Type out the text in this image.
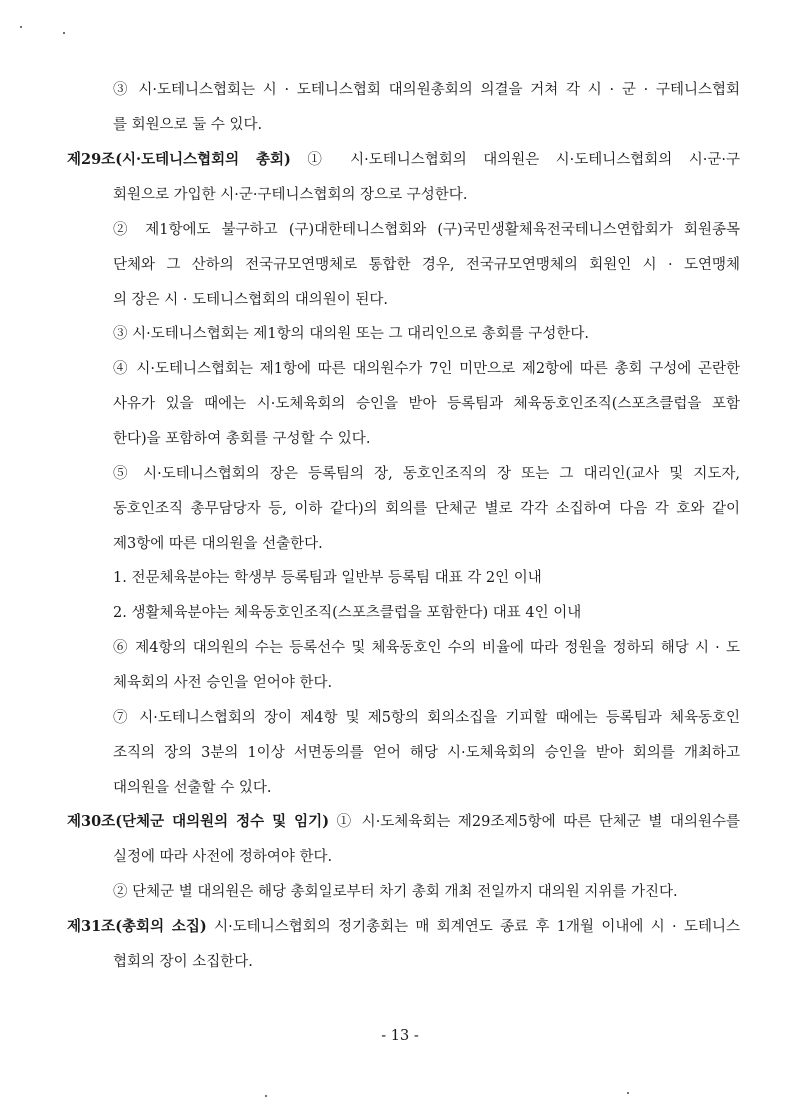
③ 시·도테니스협회는 시 · 도테니스협회 대의원총회의 의결을 거쳐 각 시 · 군 · 구테니스협회
를 회원으로 둘 수 있다.
제29조(시·도테니스협회의 총회) ① 시·도테니스협회의 대의원은 시·도테니스협회의 시·군·구
회원으로 가입한 시·군·구테니스협회의 장으로 구성한다.
② 제1항에도 불구하고 (구)대한테니스협회와 (구)국민생활체육전국테니스연합회가 회원종목
단체와 그 산하의 전국규모연맹체로 통합한 경우, 전국규모연맹체의 회원인 시 · 도연맹체
의 장은 시 · 도테니스협회의 대의원이 된다.
③ 시·도테니스협회는 제1항의 대의원 또는 그 대리인으로 총회를 구성한다.
④ 시·도테니스협회는 제1항에 따른 대의원수가 7인 미만으로 제2항에 따른 총회 구성에 곤란한
사유가 있을 때에는 시·도체육회의 승인을 받아 등록팀과 체육동호인조직(스포츠클럽을 포함
한다)을 포함하여 총회를 구성할 수 있다.
⑤ 시·도테니스협회의 장은 등록팀의 장, 동호인조직의 장 또는 그 대리인(교사 및 지도자,
동호인조직 총무담당자 등, 이하 같다)의 회의를 단체군 별로 각각 소집하여 다음 각 호와 같이
제3항에 따른 대의원을 선출한다.
1. 전문체육분야는 학생부 등록팀과 일반부 등록팀 대표 각 2인 이내
2. 생활체육분야는 체육동호인조직(스포츠클럽을 포함한다) 대표 4인 이내
⑥ 제4항의 대의원의 수는 등록선수 및 체육동호인 수의 비율에 따라 정원을 정하되 해당 시 · 도
체육회의 사전 승인을 얻어야 한다.
⑦ 시·도테니스협회의 장이 제4항 및 제5항의 회의소집을 기피할 때에는 등록팀과 체육동호인
조직의 장의 3분의 1이상 서면동의를 얻어 해당 시·도체육회의 승인을 받아 회의를 개최하고
대의원을 선출할 수 있다.
제30조(단체군 대의원의 정수 및 임기) ① 시·도체육회는 제29조제5항에 따른 단체군 별 대의원수를
실정에 따라 사전에 정하여야 한다.
② 단체군 별 대의원은 해당 총회일로부터 차기 총회 개최 전일까지 대의원 지위를 가진다.
제31조(총회의 소집) 시·도테니스협회의 정기총회는 매 회계연도 종료 후 1개월 이내에 시 · 도테니스
협회의 장이 소집한다.
- 13 -
